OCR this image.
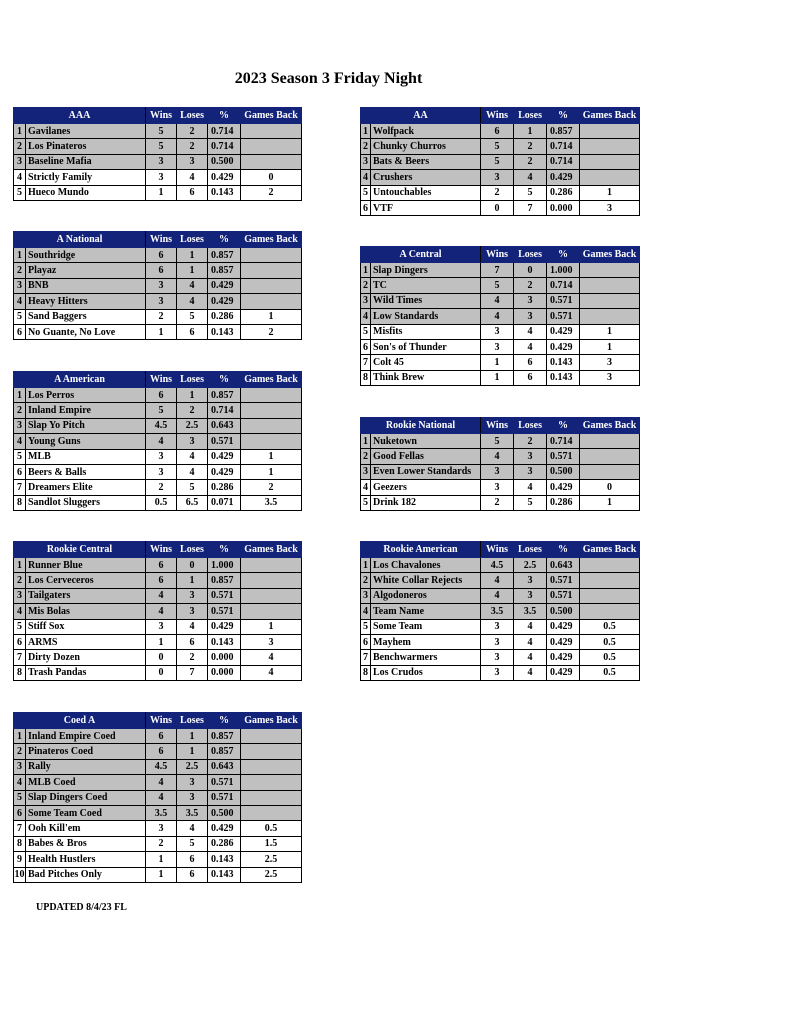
2023 Season 3 Friday Night
AAA		Wins	Loses	%	Games Back
1	Gavilanes	5	2	0.714	
2	Los Pinateros	5	2	0.714	
3	Baseline Mafia	3	3	0.500	
4	Strictly Family	3	4	0.429	0
5	Hueco Mundo	1	6	0.143	2
A National		Wins	Loses	%	Games Back
1	Southridge	6	1	0.857	
2	Playaz	6	1	0.857	
3	BNB	3	4	0.429	
4	Heavy Hitters	3	4	0.429	
5	Sand Baggers	2	5	0.286	1
6	No Guante, No Love	1	6	0.143	2
A American		Wins	Loses	%	Games Back
1	Los Perros	6	1	0.857	
2	Inland Empire	5	2	0.714	
3	Slap Yo Pitch	4.5	2.5	0.643	
4	Young Guns	4	3	0.571	
5	MLB	3	4	0.429	1
6	Beers & Balls	3	4	0.429	1
7	Dreamers Elite	2	5	0.286	2
8	Sandlot Sluggers	0.5	6.5	0.071	3.5
Rookie Central		Wins	Loses	%	Games Back
1	Runner Blue	6	0	1.000	
2	Los Cerveceros	6	1	0.857	
3	Tailgaters	4	3	0.571	
4	Mis Bolas	4	3	0.571	
5	Stiff Sox	3	4	0.429	1
6	ARMS	1	6	0.143	3
7	Dirty Dozen	0	2	0.000	4
8	Trash Pandas	0	7	0.000	4
Coed A		Wins	Loses	%	Games Back
1	Inland Empire Coed	6	1	0.857	
2	Pinateros Coed	6	1	0.857	
3	Rally	4.5	2.5	0.643	
4	MLB Coed	4	3	0.571	
5	Slap Dingers Coed	4	3	0.571	
6	Some Team Coed	3.5	3.5	0.500	
7	Ooh Kill'em	3	4	0.429	0.5
8	Babes & Bros	2	5	0.286	1.5
9	Health Hustlers	1	6	0.143	2.5
10	Bad Pitches Only	1	6	0.143	2.5
AA		Wins	Loses	%	Games Back
1	Wolfpack	6	1	0.857	
2	Chunky Churros	5	2	0.714	
3	Bats & Beers	5	2	0.714	
4	Crushers	3	4	0.429	
5	Untouchables	2	5	0.286	1
6	VTF	0	7	0.000	3
A Central		Wins	Loses	%	Games Back
1	Slap Dingers	7	0	1.000	
2	TC	5	2	0.714	
3	Wild Times	4	3	0.571	
4	Low Standards	4	3	0.571	
5	Misfits	3	4	0.429	1
6	Son's of Thunder	3	4	0.429	1
7	Colt 45	1	6	0.143	3
8	Think Brew	1	6	0.143	3
Rookie National		Wins	Loses	%	Games Back
1	Nuketown	5	2	0.714	
2	Good Fellas	4	3	0.571	
3	Even Lower Standards	3	3	0.500	
4	Geezers	3	4	0.429	0
5	Drink 182	2	5	0.286	1
Rookie American		Wins	Loses	%	Games Back
1	Los Chavalones	4.5	2.5	0.643	
2	White Collar Rejects	4	3	0.571	
3	Algodoneros	4	3	0.571	
4	Team Name	3.5	3.5	0.500	
5	Some Team	3	4	0.429	0.5
6	Mayhem	3	4	0.429	0.5
7	Benchwarmers	3	4	0.429	0.5
8	Los Crudos	3	4	0.429	0.5
UPDATED 8/4/23 FL
